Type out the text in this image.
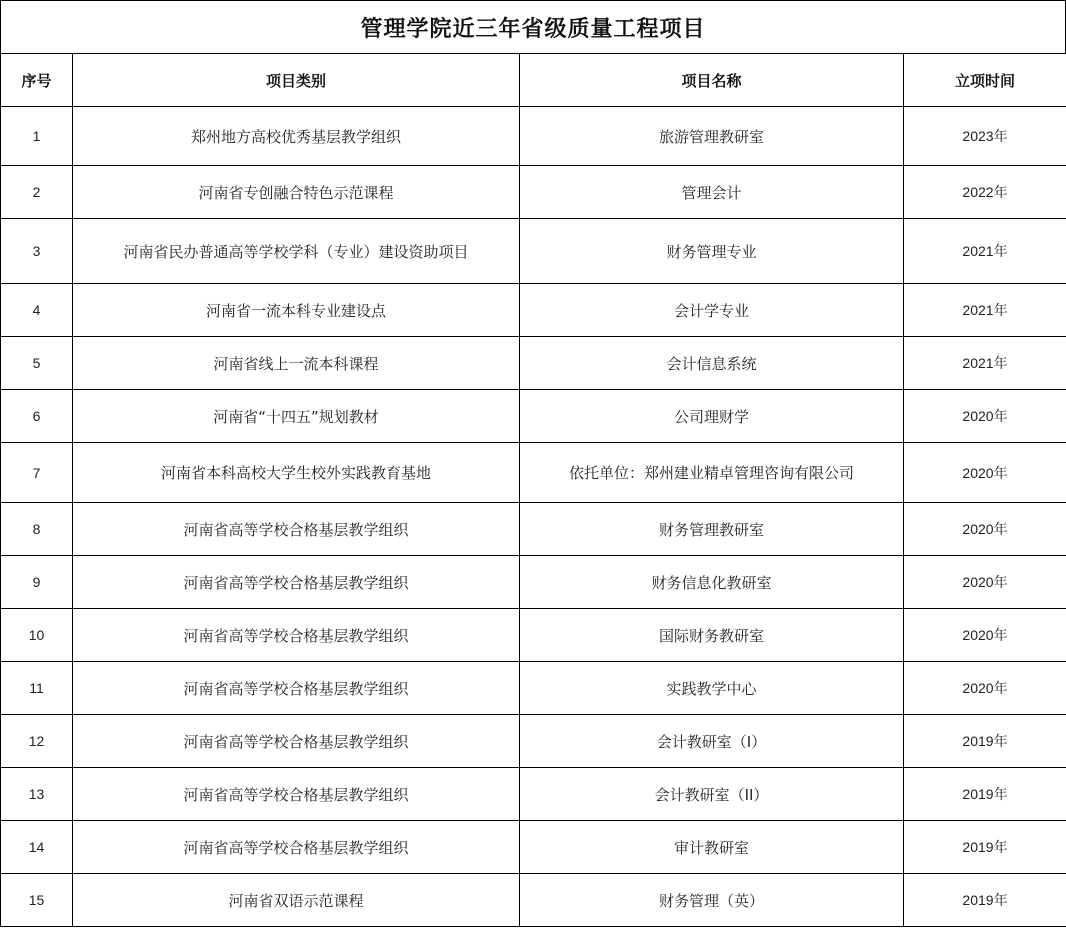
管理学院近三年省级质量工程项目
序号	项目类别	项目名称	立项时间
1	郑州地方高校优秀基层教学组织	旅游管理教研室	2023年
2	河南省专创融合特色示范课程	管理会计	2022年
3	河南省民办普通高等学校学科（专业）建设资助项目	财务管理专业	2021年
4	河南省一流本科专业建设点	会计学专业	2021年
5	河南省线上一流本科课程	会计信息系统	2021年
6	河南省“十四五”规划教材	公司理财学	2020年
7	河南省本科高校大学生校外实践教育基地	依托单位：郑州建业精卓管理咨询有限公司	2020年
8	河南省高等学校合格基层教学组织	财务管理教研室	2020年
9	河南省高等学校合格基层教学组织	财务信息化教研室	2020年
10	河南省高等学校合格基层教学组织	国际财务教研室	2020年
11	河南省高等学校合格基层教学组织	实践教学中心	2020年
12	河南省高等学校合格基层教学组织	会计教研室（I）	2019年
13	河南省高等学校合格基层教学组织	会计教研室（II）	2019年
14	河南省高等学校合格基层教学组织	审计教研室	2019年
15	河南省双语示范课程	财务管理（英）	2019年
